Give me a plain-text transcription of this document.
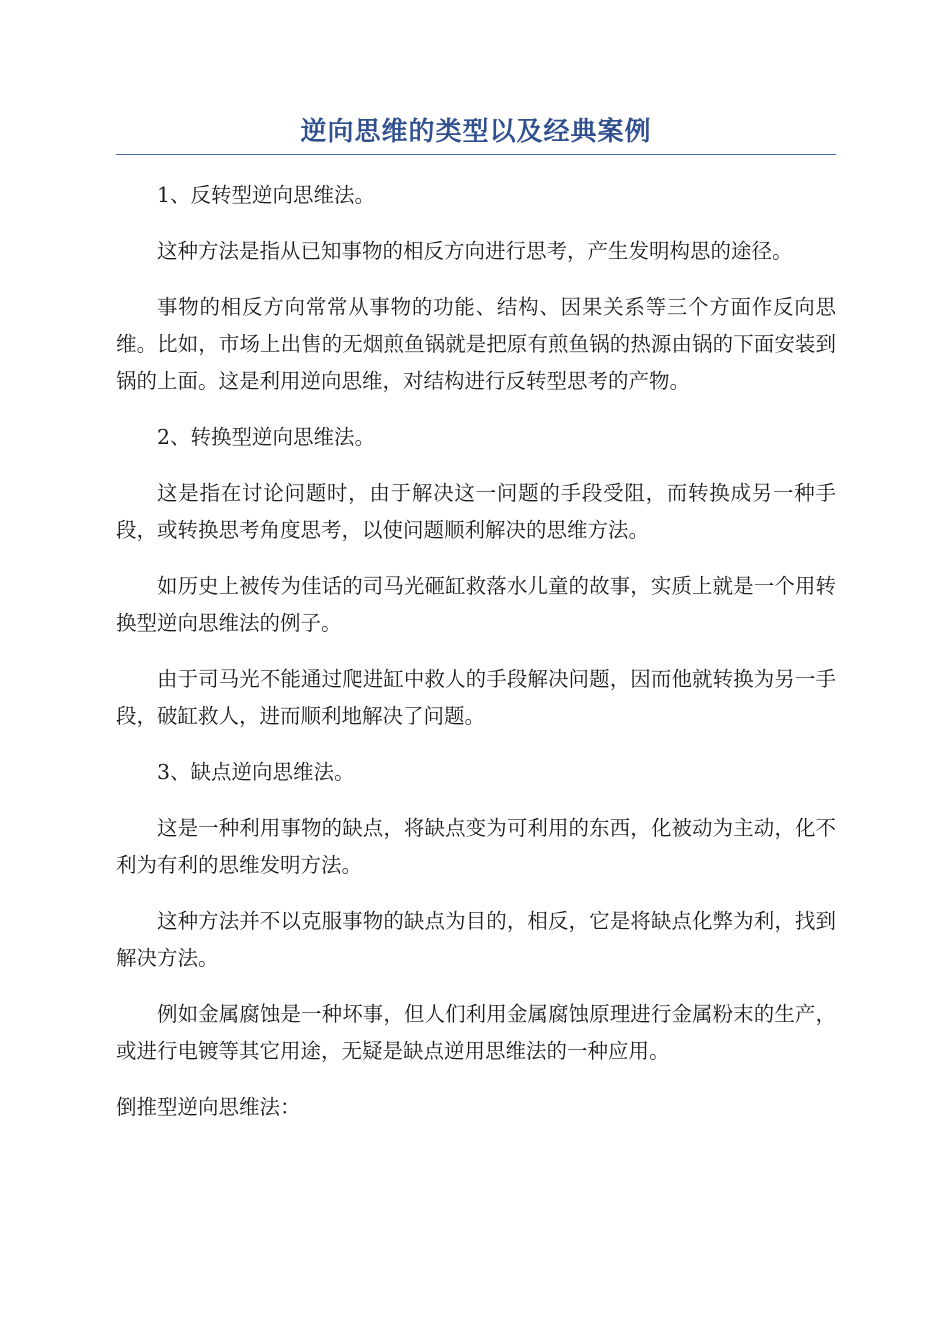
逆向思维的类型以及经典案例

1、反转型逆向思维法。

这种方法是指从已知事物的相反方向进行思考，产生发明构思的途径。

事物的相反方向常常从事物的功能、结构、因果关系等三个方面作反向思维。比如，市场上出售的无烟煎鱼锅就是把原有煎鱼锅的热源由锅的下面安装到锅的上面。这是利用逆向思维，对结构进行反转型思考的产物。

2、转换型逆向思维法。

这是指在讨论问题时，由于解决这一问题的手段受阻，而转换成另一种手段，或转换思考角度思考，以使问题顺利解决的思维方法。

如历史上被传为佳话的司马光砸缸救落水儿童的故事，实质上就是一个用转换型逆向思维法的例子。

由于司马光不能通过爬进缸中救人的手段解决问题，因而他就转换为另一手段，破缸救人，进而顺利地解决了问题。

3、缺点逆向思维法。

这是一种利用事物的缺点，将缺点变为可利用的东西，化被动为主动，化不利为有利的思维发明方法。

这种方法并不以克服事物的缺点为目的，相反，它是将缺点化弊为利，找到解决方法。

例如金属腐蚀是一种坏事，但人们利用金属腐蚀原理进行金属粉末的生产，或进行电镀等其它用途，无疑是缺点逆用思维法的一种应用。

倒推型逆向思维法：
